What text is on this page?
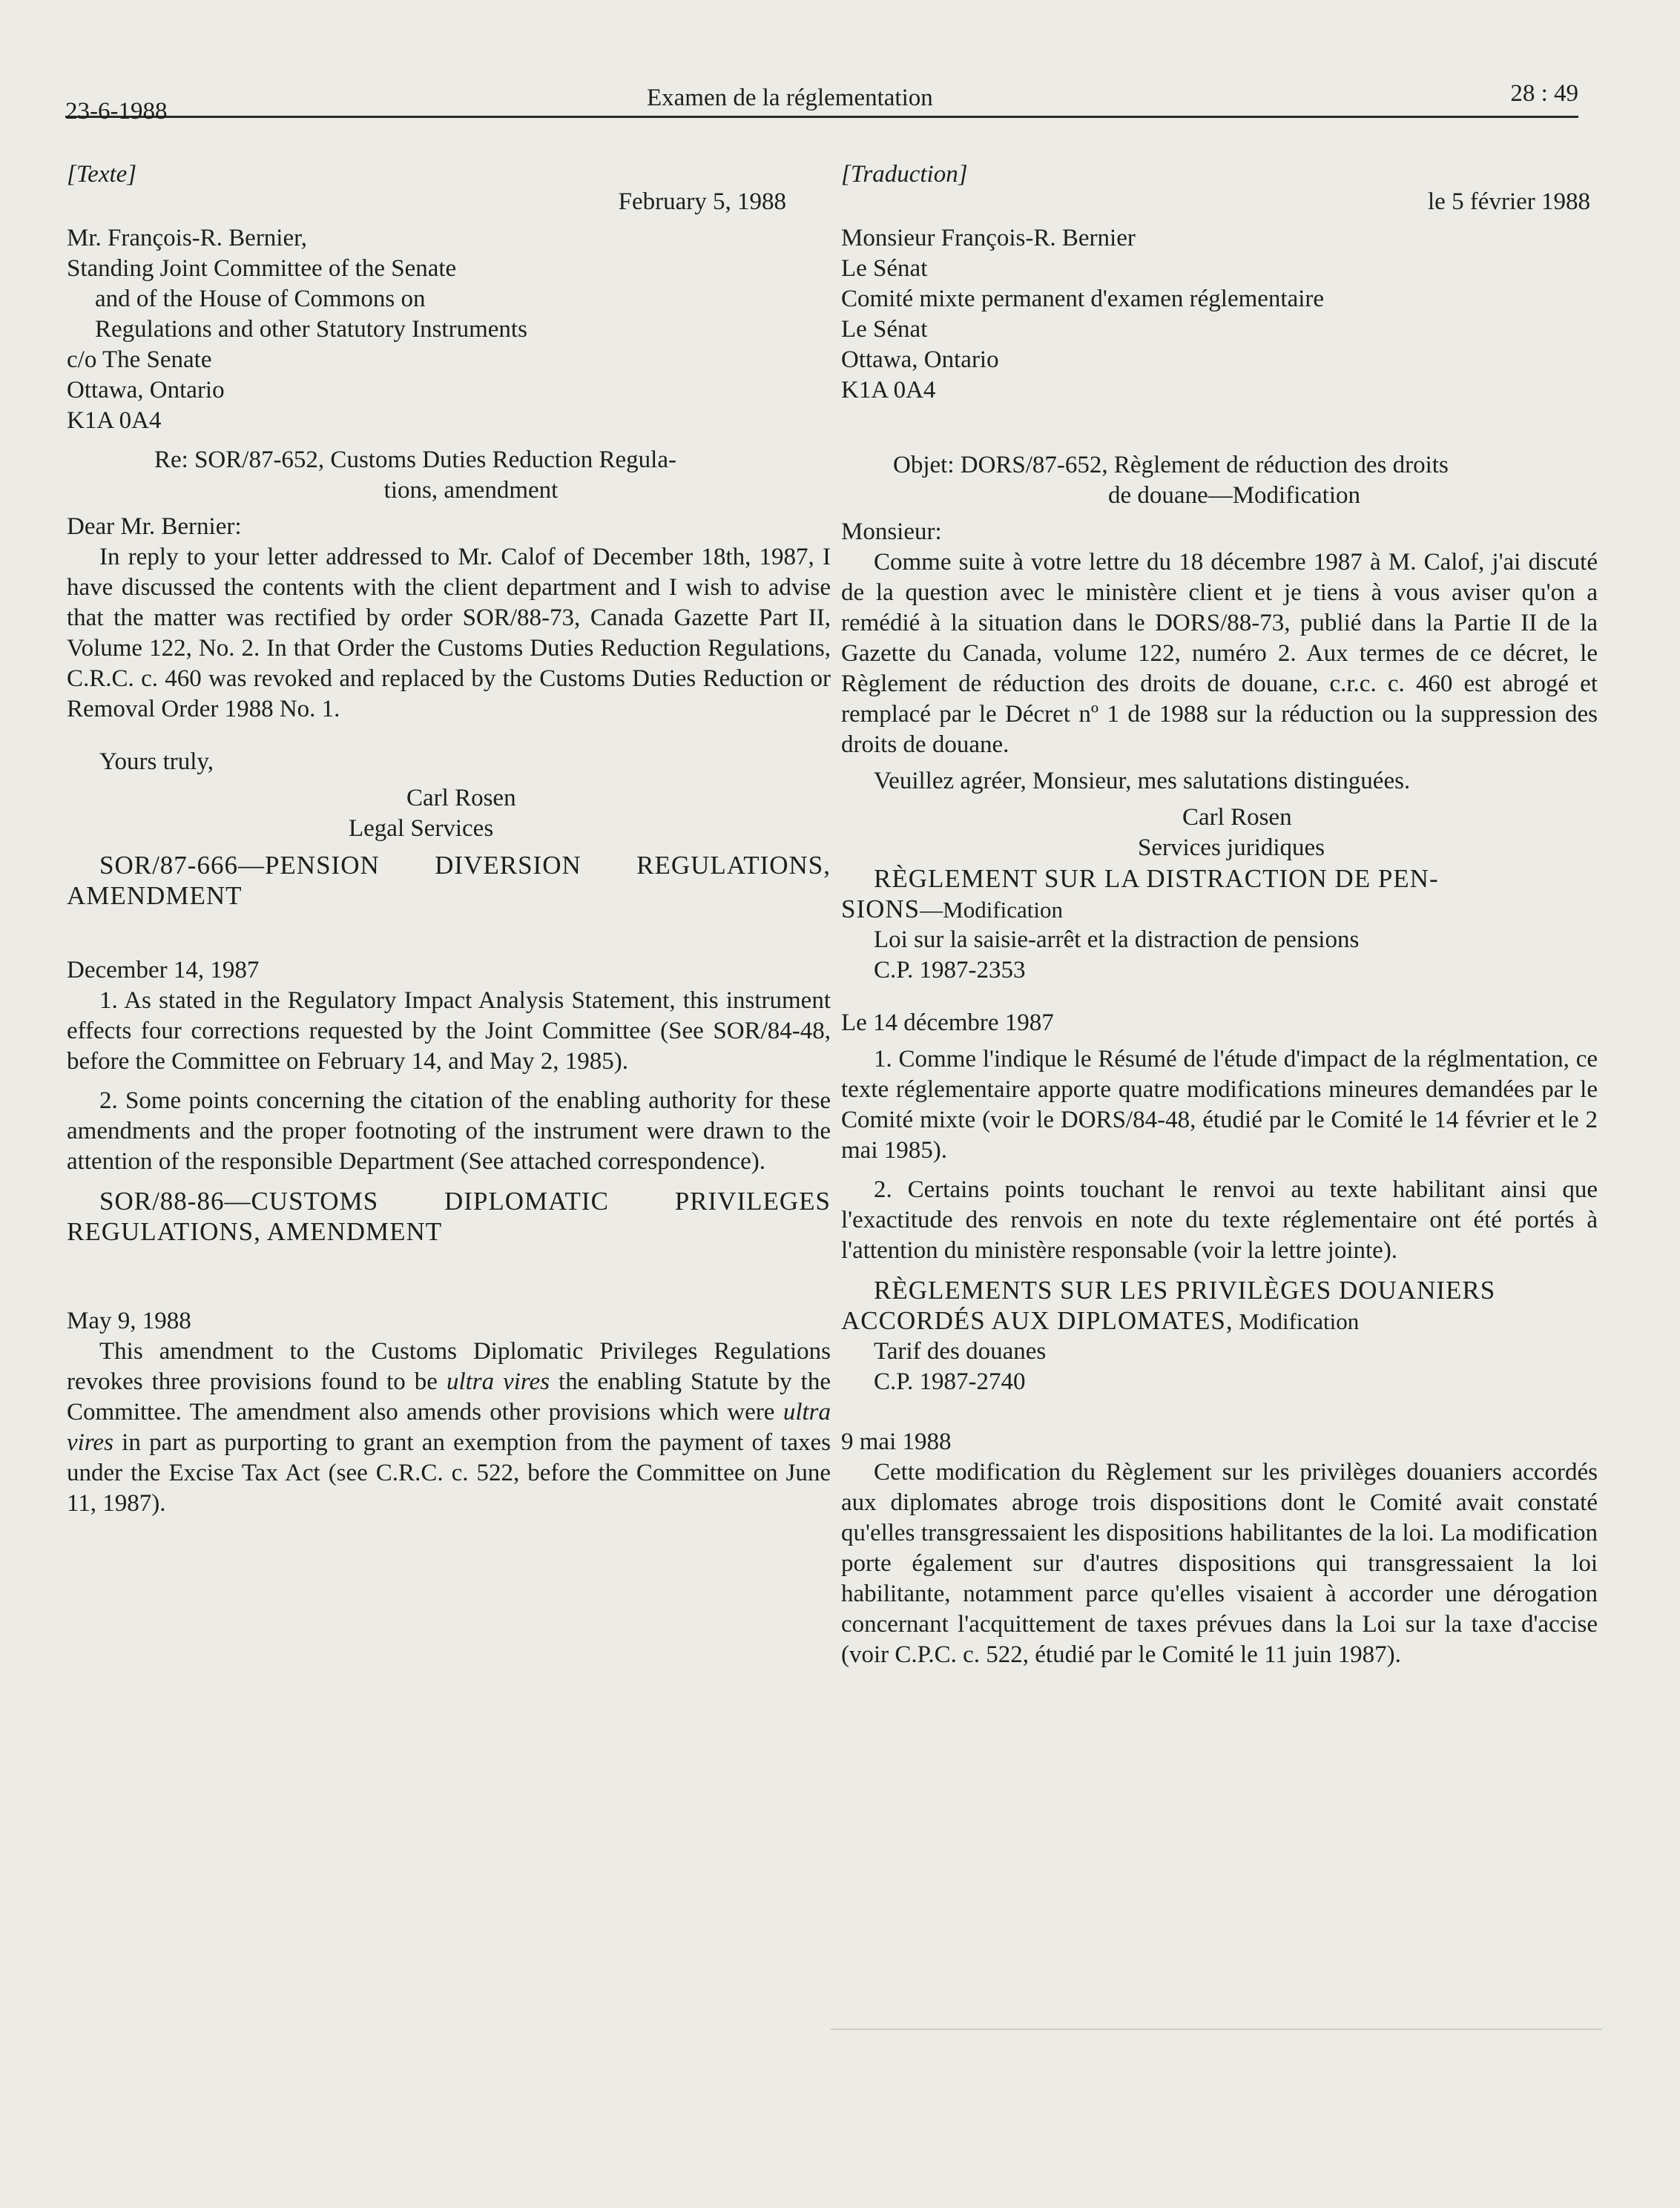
23-6-1988	Examen de la réglementation	28 : 49

[Texte]

February 5, 1988

Mr. François-R. Bernier,

Standing Joint Committee of the Senate

and of the House of Commons on

Regulations and other Statutory Instruments

c/o The Senate

Ottawa, Ontario

K1A 0A4

Re: SOR/87-652, Customs Duties Reduction Regula-

tions, amendment

Dear Mr. Bernier:

In reply to your letter addressed to Mr. Calof of December 18th, 1987, I have discussed the contents with the client department and I wish to advise that the matter was rectified by order SOR/88-73, Canada Gazette Part II, Volume 122, No. 2. In that Order the Customs Duties Reduction Regulations, C.R.C. c. 460 was revoked and replaced by the Customs Duties Reduction or Removal Order 1988 No. 1.

Yours truly,

Carl Rosen

Legal Services

SOR/87-666—PENSION DIVERSION REGULATIONS, AMENDMENT

December 14, 1987

1. As stated in the Regulatory Impact Analysis Statement, this instrument effects four corrections requested by the Joint Committee (See SOR/84-48, before the Committee on February 14, and May 2, 1985).

2. Some points concerning the citation of the enabling authority for these amendments and the proper footnoting of the instrument were drawn to the attention of the responsible Department (See attached correspondence).

SOR/88-86—CUSTOMS DIPLOMATIC PRIVILEGES REGULATIONS, AMENDMENT

May 9, 1988

This amendment to the Customs Diplomatic Privileges Regulations revokes three provisions found to be ultra vires the enabling Statute by the Committee. The amendment also amends other provisions which were ultra vires in part as purporting to grant an exemption from the payment of taxes under the Excise Tax Act (see C.R.C. c. 522, before the Committee on June 11, 1987).

[Traduction]

le 5 février 1988

Monsieur François-R. Bernier

Le Sénat

Comité mixte permanent d'examen réglementaire

Le Sénat

Ottawa, Ontario

K1A 0A4

Objet: DORS/87-652, Règlement de réduction des droits

de douane—Modification

Monsieur:

Comme suite à votre lettre du 18 décembre 1987 à M. Calof, j'ai discuté de la question avec le ministère client et je tiens à vous aviser qu'on a remédié à la situation dans le DORS/88-73, publié dans la Partie II de la Gazette du Canada, volume 122, numéro 2. Aux termes de ce décret, le Règlement de réduction des droits de douane, c.r.c. c. 460 est abrogé et remplacé par le Décret nº 1 de 1988 sur la réduction ou la suppression des droits de douane.

Veuillez agréer, Monsieur, mes salutations distinguées.

Carl Rosen

Services juridiques

RÈGLEMENT SUR LA DISTRACTION DE PEN-

SIONS—Modification

Loi sur la saisie-arrêt et la distraction de pensions

C.P. 1987-2353

Le 14 décembre 1987

1. Comme l'indique le Résumé de l'étude d'impact de la réglmentation, ce texte réglementaire apporte quatre modifications mineures demandées par le Comité mixte (voir le DORS/84-48, étudié par le Comité le 14 février et le 2 mai 1985).

2. Certains points touchant le renvoi au texte habilitant ainsi que l'exactitude des renvois en note du texte réglementaire ont été portés à l'attention du ministère responsable (voir la lettre jointe).

RÈGLEMENTS SUR LES PRIVILÈGES DOUANIERS

ACCORDÉS AUX DIPLOMATES, Modification

Tarif des douanes

C.P. 1987-2740

9 mai 1988

Cette modification du Règlement sur les privilèges douaniers accordés aux diplomates abroge trois dispositions dont le Comité avait constaté qu'elles transgressaient les dispositions habilitantes de la loi. La modification porte également sur d'autres dispositions qui transgressaient la loi habilitante, notamment parce qu'elles visaient à accorder une dérogation concernant l'acquittement de taxes prévues dans la Loi sur la taxe d'accise (voir C.P.C. c. 522, étudié par le Comité le 11 juin 1987).
